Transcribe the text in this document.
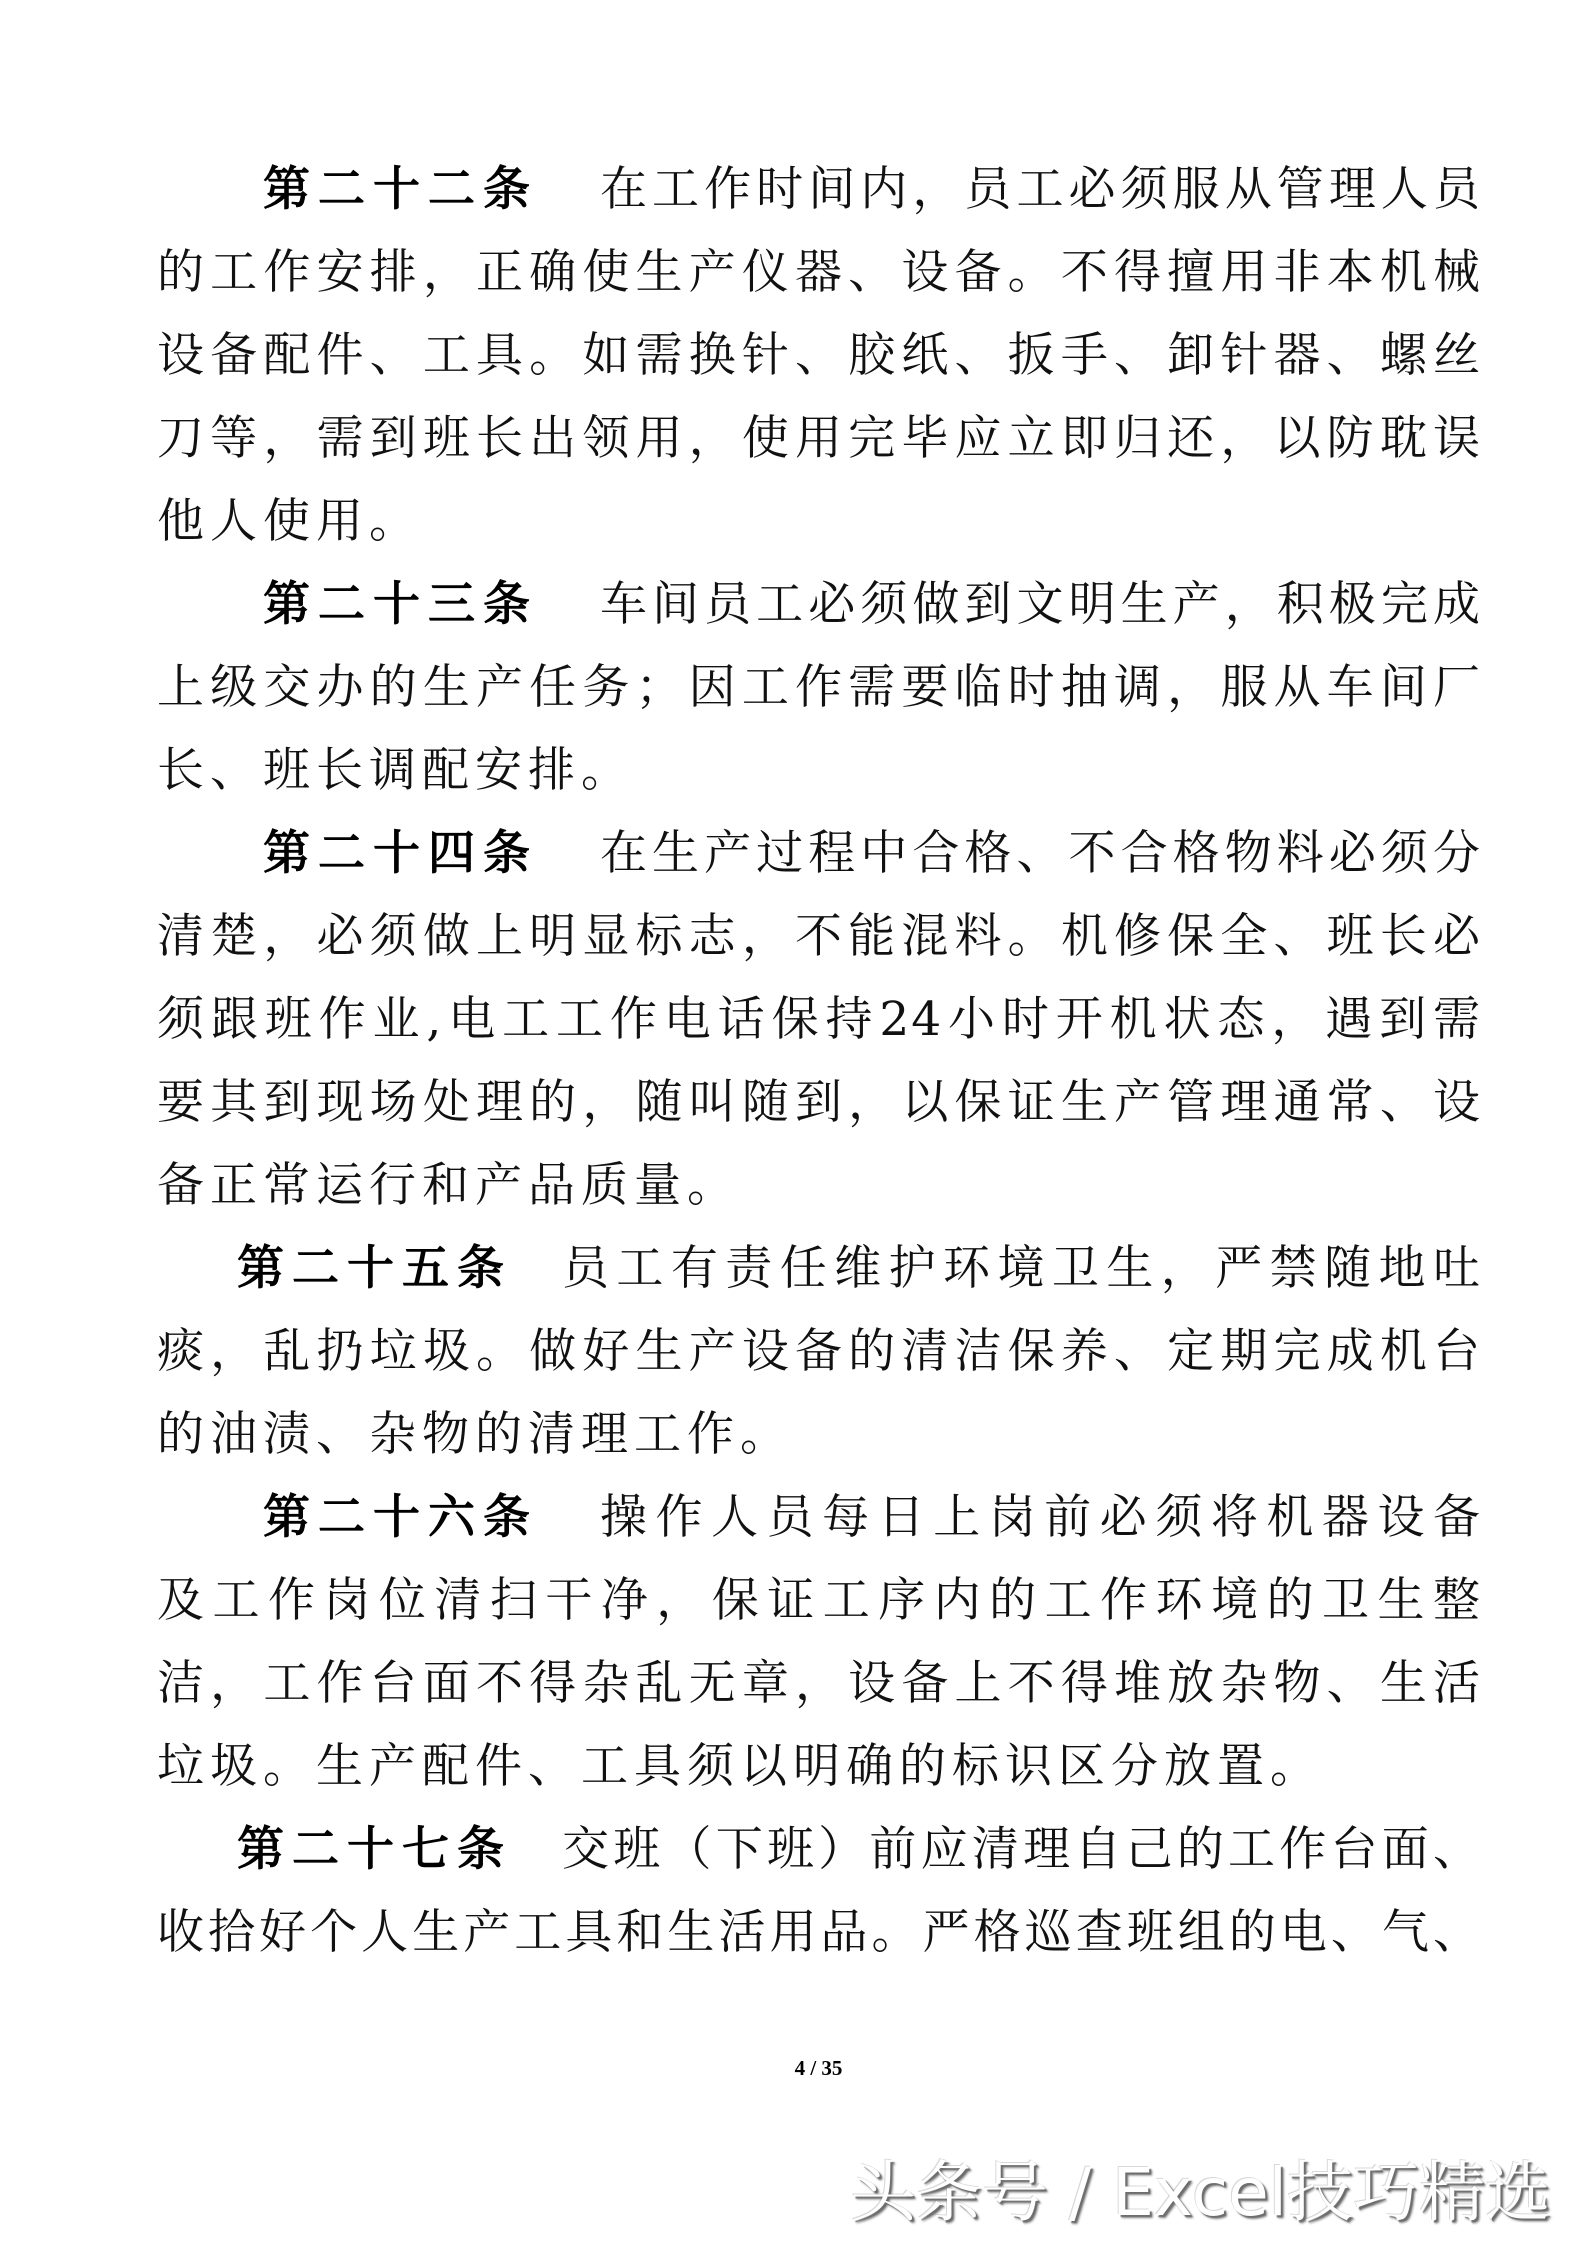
第二十二条 在工作时间内，员工必须服从管理人员
的工作安排，正确使生产仪器、设备。不得擅用非本机械
设备配件、工具。如需换针、胶纸、扳手、卸针器、螺丝
刀等，需到班长出领用，使用完毕应立即归还，以防耽误
他人使用。
第二十三条 车间员工必须做到文明生产，积极完成
上级交办的生产任务；因工作需要临时抽调，服从车间厂
长、班长调配安排。
第二十四条 在生产过程中合格、不合格物料必须分
清楚，必须做上明显标志，不能混料。机修保全、班长必
须跟班作业,电工工作电话保持24小时开机状态，遇到需
要其到现场处理的，随叫随到，以保证生产管理通常、设
备正常运行和产品质量。
第二十五条 员工有责任维护环境卫生，严禁随地吐
痰，乱扔垃圾。做好生产设备的清洁保养、定期完成机台
的油渍、杂物的清理工作。
第二十六条 操作人员每日上岗前必须将机器设备
及工作岗位清扫干净，保证工序内的工作环境的卫生整
洁，工作台面不得杂乱无章，设备上不得堆放杂物、生活
垃圾。生产配件、工具须以明确的标识区分放置。
第二十七条 交班（下班）前应清理自己的工作台面、
收拾好个人生产工具和生活用品。严格巡查班组的电、气、
4 / 35
头条号 / Excel技巧精选
